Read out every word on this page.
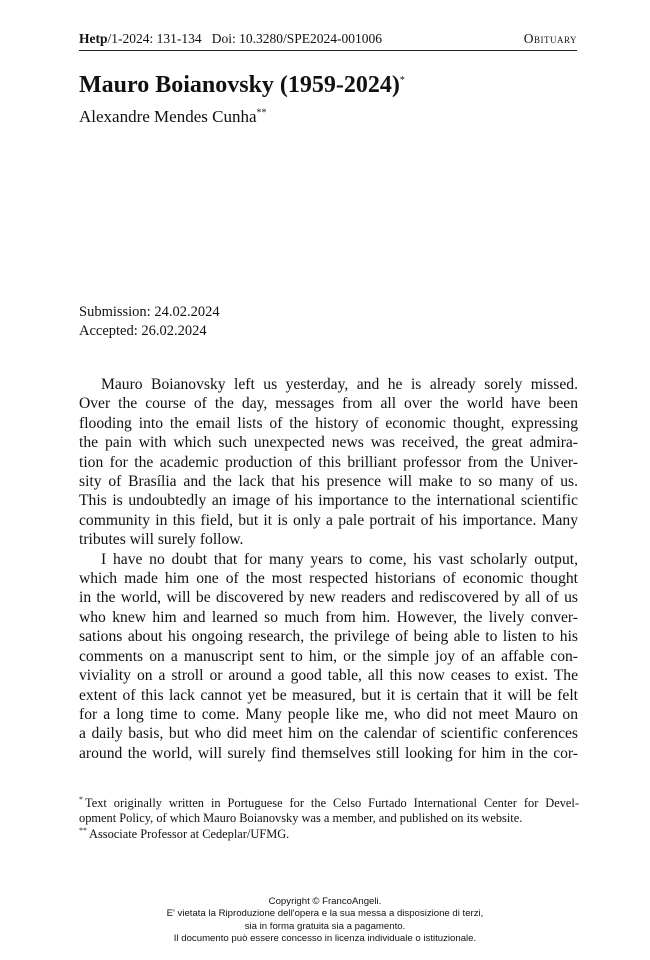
Hetp/1-2024: 131-134 Doi: 10.3280/SPE2024-001006	Obituary
Mauro Boianovsky (1959-2024)*
Alexandre Mendes Cunha**
Submission: 24.02.2024
Accepted: 26.02.2024
Mauro Boianovsky left us yesterday, and he is already sorely missed.
Over the course of the day, messages from all over the world have been
flooding into the email lists of the history of economic thought, expressing
the pain with which such unexpected news was received, the great admira-
tion for the academic production of this brilliant professor from the Univer-
sity of Brasília and the lack that his presence will make to so many of us.
This is undoubtedly an image of his importance to the international scientific
community in this field, but it is only a pale portrait of his importance. Many
tributes will surely follow.
I have no doubt that for many years to come, his vast scholarly output,
which made him one of the most respected historians of economic thought
in the world, will be discovered by new readers and rediscovered by all of us
who knew him and learned so much from him. However, the lively conver-
sations about his ongoing research, the privilege of being able to listen to his
comments on a manuscript sent to him, or the simple joy of an affable con-
viviality on a stroll or around a good table, all this now ceases to exist. The
extent of this lack cannot yet be measured, but it is certain that it will be felt
for a long time to come. Many people like me, who did not meet Mauro on
a daily basis, but who did meet him on the calendar of scientific conferences
around the world, will surely find themselves still looking for him in the cor-
* Text originally written in Portuguese for the Celso Furtado International Center for Devel-
opment Policy, of which Mauro Boianovsky was a member, and published on its website.
** Associate Professor at Cedeplar/UFMG.
Copyright © FrancoAngeli.
E' vietata la Riproduzione dell'opera e la sua messa a disposizione di terzi,
sia in forma gratuita sia a pagamento.
Il documento può essere concesso in licenza individuale o istituzionale.
